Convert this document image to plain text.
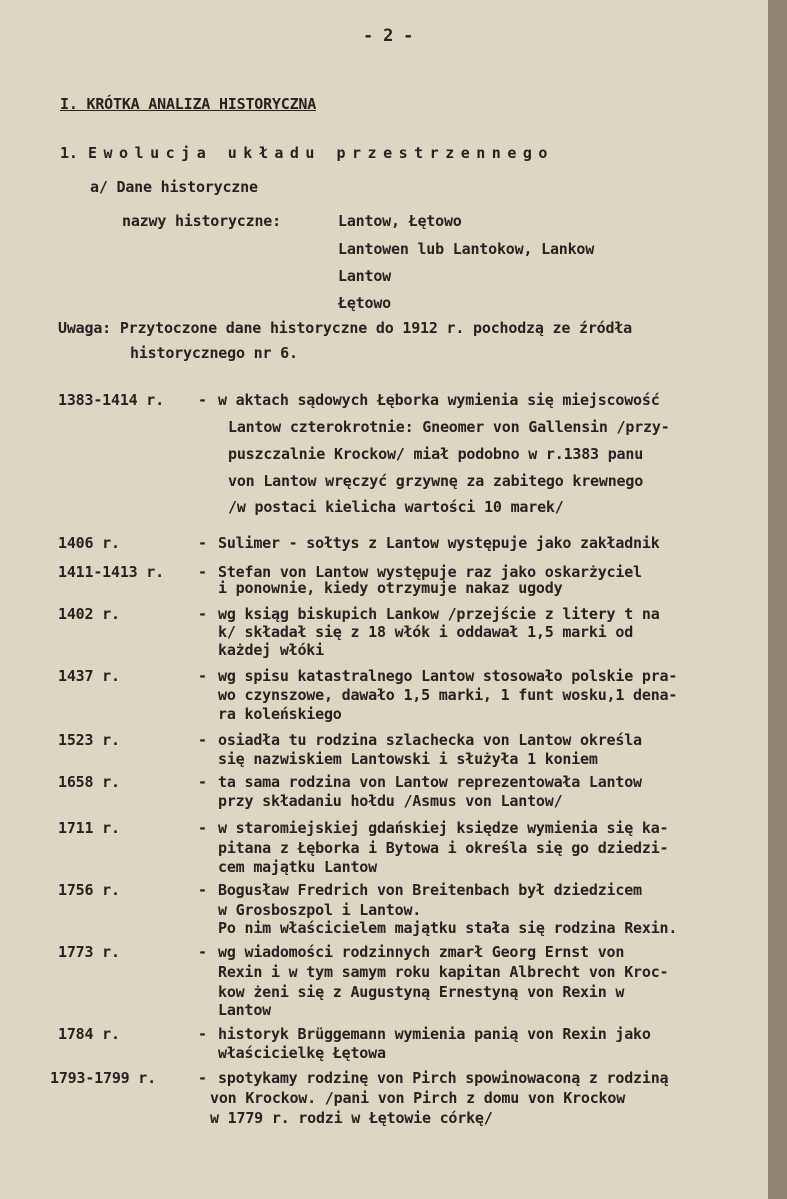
- 2 -
I. KRÓTKA ANALIZA HISTORYCZNA
1. Ewolucja układu przestrzennego
a/ Dane historyczne
nazwy historyczne:	Lantow, Łętowo
Lantowen lub Lantokow, Lankow
Lantow
Łętowo
Uwaga: Przytoczone dane historyczne do 1912 r. pochodzą ze źródła
historycznego nr 6.
1383-1414 r. - w aktach sądowych Łęborka wymienia się miejscowość
Lantow czterokrotnie: Gneomer von Gallensin /przy-
puszczalnie Krockow/ miał podobno w r.1383 panu
von Lantow wręczyć grzywnę za zabitego krewnego
/w postaci kielicha wartości 10 marek/
1406 r.	- Sulimer - sołtys z Lantow występuje jako zakładnik
1411-1413 r. - Stefan von Lantow występuje raz jako oskarżyciel
i ponownie, kiedy otrzymuje nakaz ugody
1402 r.	- wg ksiąg biskupich Lankow /przejście z litery t na
k/ składał się z 18 włók i oddawał 1,5 marki od
każdej włóki
1437 r.	- wg spisu katastralnego Lantow stosowało polskie pra-
wo czynszowe, dawało 1,5 marki, 1 funt wosku,1 dena-
ra koleńskiego
1523 r.	- osiadła tu rodzina szlachecka von Lantow określa
się nazwiskiem Lantowski i służyła 1 koniem
1658 r.	- ta sama rodzina von Lantow reprezentowała Lantow
przy składaniu hołdu /Asmus von Lantow/
1711 r.	- w staromiejskiej gdańskiej księdze wymienia się ka-
pitana z Łęborka i Bytowa i określa się go dziedzi-
cem majątku Lantow
1756 r.	- Bogusław Fredrich von Breitenbach był dziedzicem
w Grosboszpol i Lantow.
Po nim właścicielem majątku stała się rodzina Rexin.
1773 r.	- wg wiadomości rodzinnych zmarł Georg Ernst von
Rexin i w tym samym roku kapitan Albrecht von Kroc-
kow żeni się z Augustyną Ernestyną von Rexin w
Lantow
1784 r.	- historyk Brüggemann wymienia panią von Rexin jako
właścicielkę Łętowa
1793-1799 r.	- spotykamy rodzinę von Pirch spowinowaconą z rodziną
von Krockow. /pani von Pirch z domu von Krockow
w 1779 r. rodzi w Łętowie córkę/
